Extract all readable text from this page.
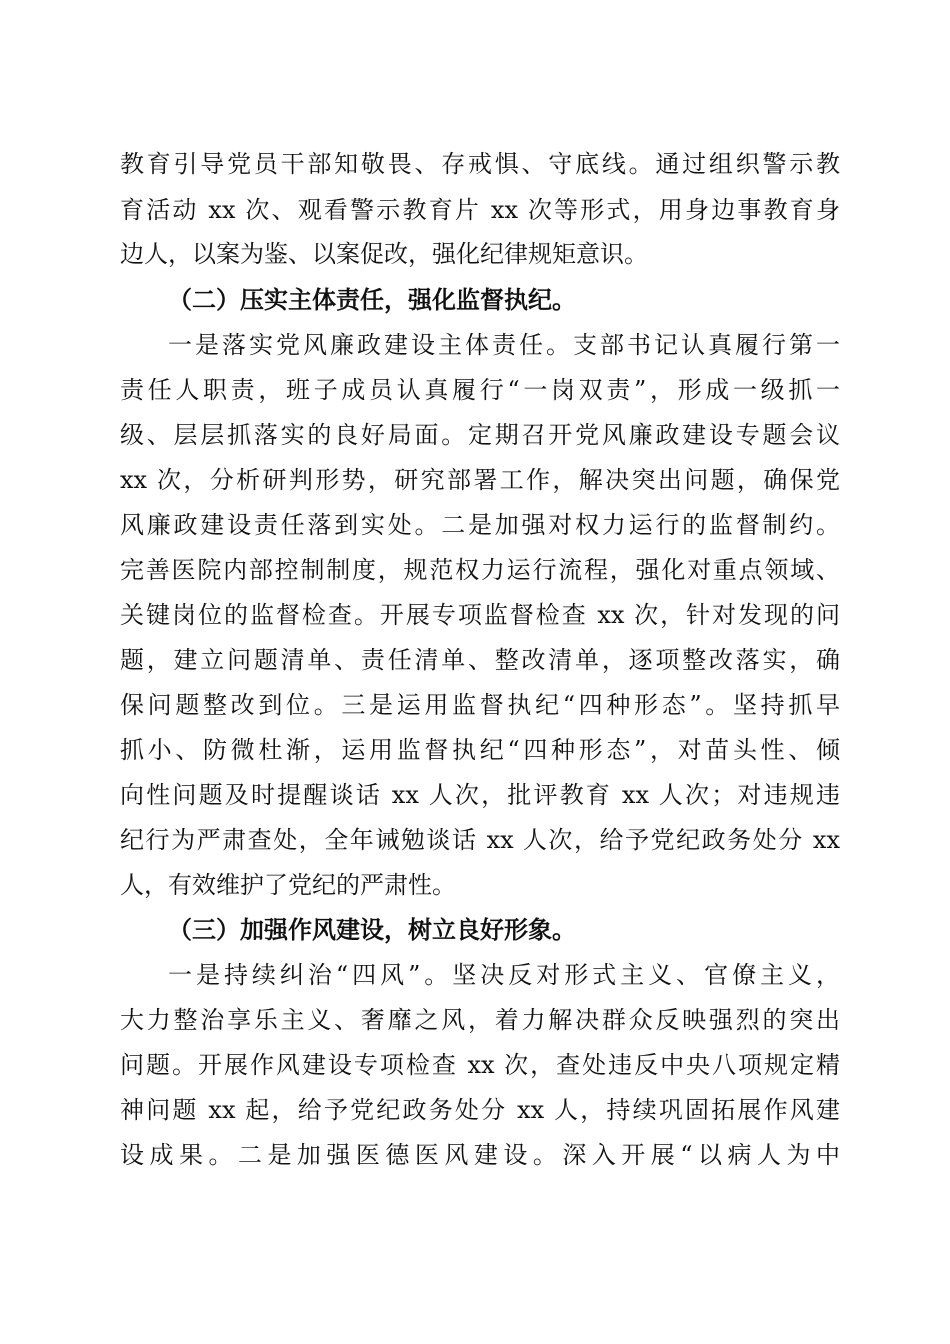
教育引导党员干部知敬畏、存戒惧、守底线。通过组织警示教
育活动 xx 次、观看警示教育片 xx 次等形式，用身边事教育身
边人，以案为鉴、以案促改，强化纪律规矩意识。
（二）压实主体责任，强化监督执纪。
一是落实党风廉政建设主体责任。支部书记认真履行第一
责任人职责，班子成员认真履行“一岗双责”，形成一级抓一
级、层层抓落实的良好局面。定期召开党风廉政建设专题会议
xx 次，分析研判形势，研究部署工作，解决突出问题，确保党
风廉政建设责任落到实处。二是加强对权力运行的监督制约。
完善医院内部控制制度，规范权力运行流程，强化对重点领域、
关键岗位的监督检查。开展专项监督检查 xx 次，针对发现的问
题，建立问题清单、责任清单、整改清单，逐项整改落实，确
保问题整改到位。三是运用监督执纪“四种形态”。坚持抓早
抓小、防微杜渐，运用监督执纪“四种形态”，对苗头性、倾
向性问题及时提醒谈话 xx 人次，批评教育 xx 人次；对违规违
纪行为严肃查处，全年诫勉谈话 xx 人次，给予党纪政务处分 xx
人，有效维护了党纪的严肃性。
（三）加强作风建设，树立良好形象。
一是持续纠治“四风”。坚决反对形式主义、官僚主义，
大力整治享乐主义、奢靡之风，着力解决群众反映强烈的突出
问题。开展作风建设专项检查 xx 次，查处违反中央八项规定精
神问题 xx 起，给予党纪政务处分 xx 人，持续巩固拓展作风建
设成果。二是加强医德医风建设。深入开展“以病人为中
